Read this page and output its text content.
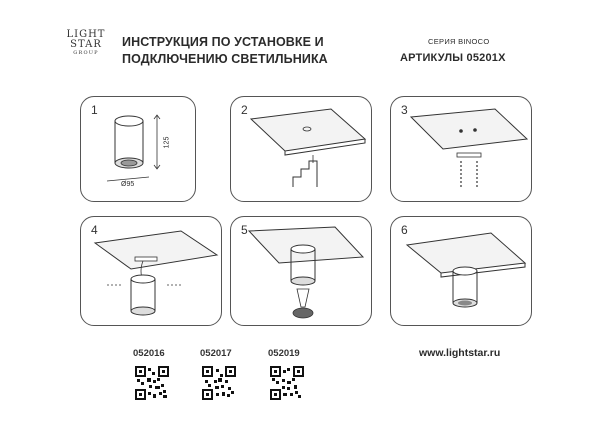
LIGHT
STAR
GROUP
ИНСТРУКЦИЯ ПО УСТАНОВКЕ И
ПОДКЛЮЧЕНИЮ СВЕТИЛЬНИКА
СЕРИЯ BINOCO
АРТИКУЛЫ 05201X
1
125
Ø95
2	3
4	5	6
052016	052017	052019	www.lightstar.ru
